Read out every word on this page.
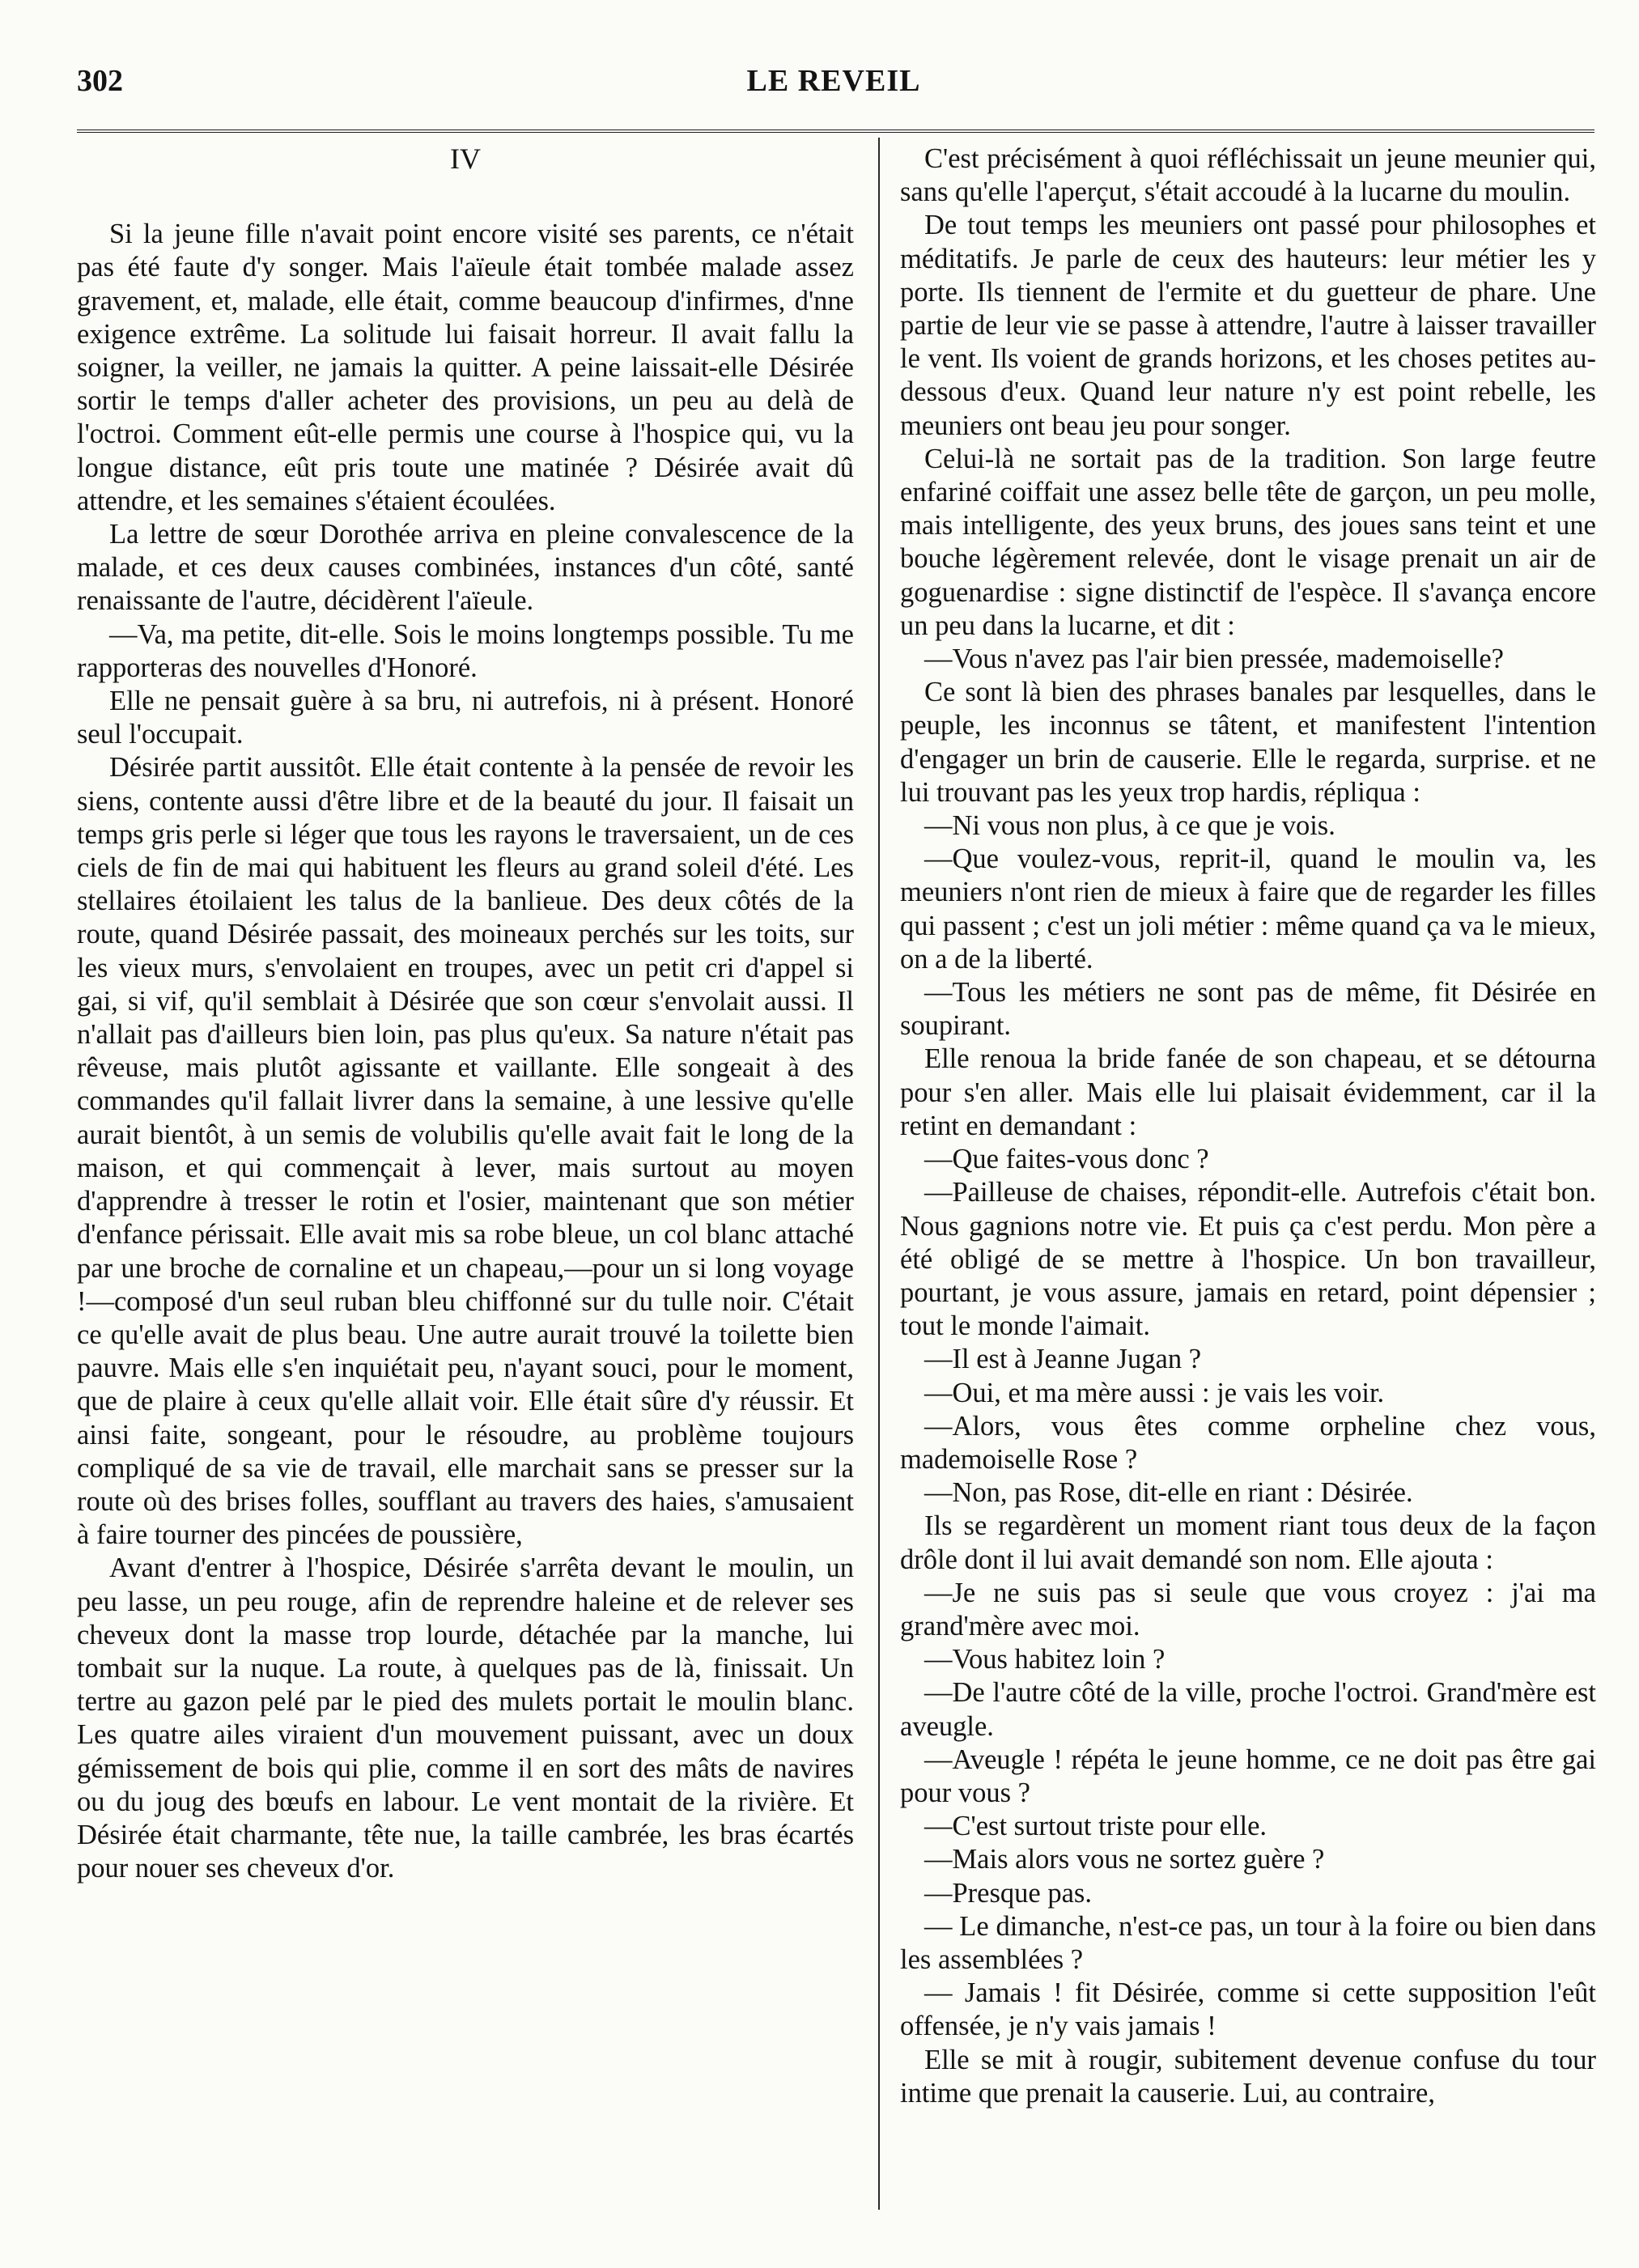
302	LE REVEIL
IV

Si la jeune fille n'avait point encore visité ses parents, ce n'était pas été faute d'y songer. Mais l'aïeule était tombée malade assez gravement, et, malade, elle était, comme beaucoup d'infirmes, d'nne exigence extrême. La solitude lui faisait horreur. Il avait fallu la soigner, la veiller, ne jamais la quitter. A peine laissait-elle Désirée sortir le temps d'aller acheter des provisions, un peu au delà de l'octroi. Comment eût-elle permis une course à l'hospice qui, vu la longue distance, eût pris toute une matinée ? Désirée avait dû attendre, et les semaines s'étaient écoulées.

La lettre de sœur Dorothée arriva en pleine convalescence de la malade, et ces deux causes combinées, instances d'un côté, santé renaissante de l'autre, décidèrent l'aïeule.

—Va, ma petite, dit-elle. Sois le moins longtemps possible. Tu me rapporteras des nouvelles d'Honoré.

Elle ne pensait guère à sa bru, ni autrefois, ni à présent. Honoré seul l'occupait.

Désirée partit aussitôt. Elle était contente à la pensée de revoir les siens, contente aussi d'être libre et de la beauté du jour. Il faisait un temps gris perle si léger que tous les rayons le traversaient, un de ces ciels de fin de mai qui habituent les fleurs au grand soleil d'été. Les stellaires étoilaient les talus de la banlieue. Des deux côtés de la route, quand Désirée passait, des moineaux perchés sur les toits, sur les vieux murs, s'envolaient en troupes, avec un petit cri d'appel si gai, si vif, qu'il semblait à Désirée que son cœur s'envolait aussi. Il n'allait pas d'ailleurs bien loin, pas plus qu'eux. Sa nature n'était pas rêveuse, mais plutôt agissante et vaillante. Elle songeait à des commandes qu'il fallait livrer dans la semaine, à une lessive qu'elle aurait bientôt, à un semis de volubilis qu'elle avait fait le long de la maison, et qui commençait à lever, mais surtout au moyen d'apprendre à tresser le rotin et l'osier, maintenant que son métier d'enfance périssait. Elle avait mis sa robe bleue, un col blanc attaché par une broche de cornaline et un chapeau,—pour un si long voyage !—composé d'un seul ruban bleu chiffonné sur du tulle noir. C'était ce qu'elle avait de plus beau. Une autre aurait trouvé la toilette bien pauvre. Mais elle s'en inquiétait peu, n'ayant souci, pour le moment, que de plaire à ceux qu'elle allait voir. Elle était sûre d'y réussir. Et ainsi faite, songeant, pour le résoudre, au problème toujours compliqué de sa vie de travail, elle marchait sans se presser sur la route où des brises folles, soufflant au travers des haies, s'amusaient à faire tourner des pincées de poussière,

Avant d'entrer à l'hospice, Désirée s'arrêta devant le moulin, un peu lasse, un peu rouge, afin de reprendre haleine et de relever ses cheveux dont la masse trop lourde, détachée par la manche, lui tombait sur la nuque. La route, à quelques pas de là, finissait. Un tertre au gazon pelé par le pied des mulets portait le moulin blanc. Les quatre ailes viraient d'un mouvement puissant, avec un doux gémissement de bois qui plie, comme il en sort des mâts de navires ou du joug des bœufs en labour. Le vent montait de la rivière. Et Désirée était charmante, tête nue, la taille cambrée, les bras écartés pour nouer ses cheveux d'or.

C'est précisément à quoi réfléchissait un jeune meunier qui, sans qu'elle l'aperçut, s'était accoudé à la lucarne du moulin.

De tout temps les meuniers ont passé pour philosophes et méditatifs. Je parle de ceux des hauteurs: leur métier les y porte. Ils tiennent de l'ermite et du guetteur de phare. Une partie de leur vie se passe à attendre, l'autre à laisser travailler le vent. Ils voient de grands horizons, et les choses petites au-dessous d'eux. Quand leur nature n'y est point rebelle, les meuniers ont beau jeu pour songer.

Celui-là ne sortait pas de la tradition. Son large feutre enfariné coiffait une assez belle tête de garçon, un peu molle, mais intelligente, des yeux bruns, des joues sans teint et une bouche légèrement relevée, dont le visage prenait un air de goguenardise : signe distinctif de l'espèce. Il s'avança encore un peu dans la lucarne, et dit :

—Vous n'avez pas l'air bien pressée, mademoiselle?

Ce sont là bien des phrases banales par lesquelles, dans le peuple, les inconnus se tâtent, et manifestent l'intention d'engager un brin de causerie. Elle le regarda, surprise. et ne lui trouvant pas les yeux trop hardis, répliqua :

—Ni vous non plus, à ce que je vois.

—Que voulez-vous, reprit-il, quand le moulin va, les meuniers n'ont rien de mieux à faire que de regarder les filles qui passent ; c'est un joli métier : même quand ça va le mieux, on a de la liberté.

—Tous les métiers ne sont pas de même, fit Désirée en soupirant.

Elle renoua la bride fanée de son chapeau, et se détourna pour s'en aller. Mais elle lui plaisait évidemment, car il la retint en demandant :

—Que faites-vous donc ?

—Pailleuse de chaises, répondit-elle. Autrefois c'était bon. Nous gagnions notre vie. Et puis ça c'est perdu. Mon père a été obligé de se mettre à l'hospice. Un bon travailleur, pourtant, je vous assure, jamais en retard, point dépensier ; tout le monde l'aimait.

—Il est à Jeanne Jugan ?

—Oui, et ma mère aussi : je vais les voir.

—Alors, vous êtes comme orpheline chez vous, mademoiselle Rose ?

—Non, pas Rose, dit-elle en riant : Désirée.

Ils se regardèrent un moment riant tous deux de la façon drôle dont il lui avait demandé son nom. Elle ajouta :

—Je ne suis pas si seule que vous croyez : j'ai ma grand'mère avec moi.

—Vous habitez loin ?

—De l'autre côté de la ville, proche l'octroi. Grand'mère est aveugle.

—Aveugle ! répéta le jeune homme, ce ne doit pas être gai pour vous ?

—C'est surtout triste pour elle.

—Mais alors vous ne sortez guère ?

—Presque pas.

— Le dimanche, n'est-ce pas, un tour à la foire ou bien dans les assemblées ?

— Jamais ! fit Désirée, comme si cette supposition l'eût offensée, je n'y vais jamais !

Elle se mit à rougir, subitement devenue confuse du tour intime que prenait la causerie. Lui, au contraire,
